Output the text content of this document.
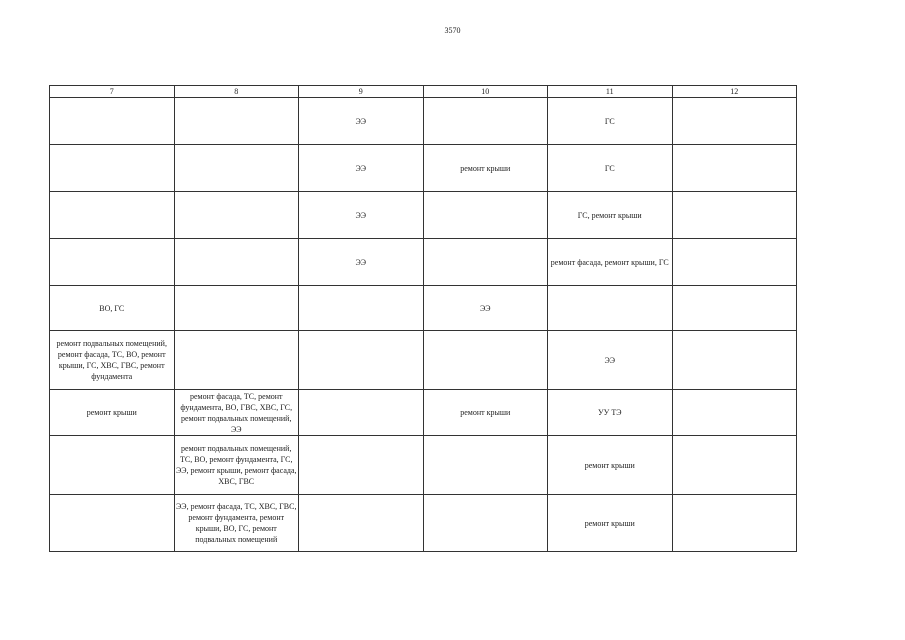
3570
7	8	9	10	11	12
		ЭЭ		ГС	
		ЭЭ	ремонт крыши	ГС	
		ЭЭ		ГС, ремонт крыши	
		ЭЭ		ремонт фасада, ремонт крыши, ГС	
ВО, ГС			ЭЭ		
ремонт подвальных помещений, ремонт фасада, ТС, ВО, ремонт крыши, ГС, ХВС, ГВС, ремонт фундамента				ЭЭ	
ремонт крыши	ремонт фасада, ТС, ремонт фундамента, ВО, ГВС, ХВС, ГС, ремонт подвальных помещений, ЭЭ		ремонт крыши	УУ ТЭ	
	ремонт подвальных помещений, ТС, ВО, ремонт фундамента, ГС, ЭЭ, ремонт крыши, ремонт фасада, ХВС, ГВС			ремонт крыши	
	ЭЭ, ремонт фасада, ТС, ХВС, ГВС, ремонт фундамента, ремонт крыши, ВО, ГС, ремонт подвальных помещений			ремонт крыши	
